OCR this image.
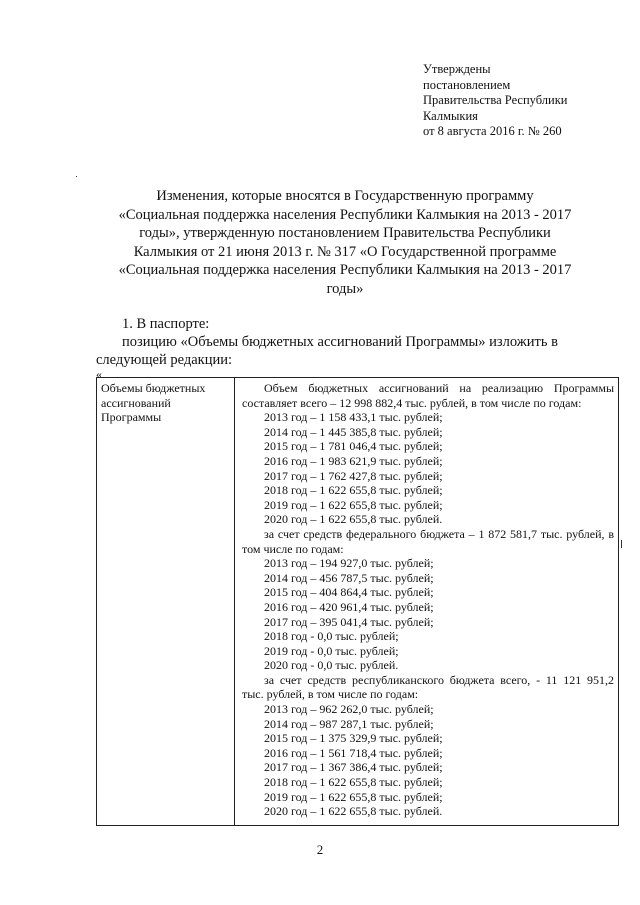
Утверждены
постановлением
Правительства Республики
Калмыкия
от 8 августа 2016 г. № 260
Изменения, которые вносятся в Государственную программу
«Социальная поддержка населения Республики Калмыкия на 2013 - 2017
годы», утвержденную постановлением Правительства Республики
Калмыкия от 21 июня 2013 г. № 317 «О Государственной программе
«Социальная поддержка населения Республики Калмыкия на 2013 - 2017
годы»
1. В паспорте:
позицию «Объемы бюджетных ассигнований Программы» изложить в
следующей редакции:
«
Объемы бюджетных ассигнований Программы
Объем бюджетных ассигнований на реализацию Программы
составляет всего – 12 998 882,4 тыс. рублей, в том числе по годам:
2013 год – 1 158 433,1 тыс. рублей;
2014 год – 1 445 385,8 тыс. рублей;
2015 год – 1 781 046,4 тыс. рублей;
2016 год – 1 983 621,9 тыс. рублей;
2017 год – 1 762 427,8 тыс. рублей;
2018 год – 1 622 655,8 тыс. рублей;
2019 год – 1 622 655,8 тыс. рублей;
2020 год – 1 622 655,8 тыс. рублей.
за счет средств федерального бюджета – 1 872 581,7 тыс. рублей, в
том числе по годам:
2013 год – 194 927,0 тыс. рублей;
2014 год – 456 787,5 тыс. рублей;
2015 год – 404 864,4 тыс. рублей;
2016 год – 420 961,4 тыс. рублей;
2017 год – 395 041,4 тыс. рублей;
2018 год - 0,0 тыс. рублей;
2019 год - 0,0 тыс. рублей;
2020 год - 0,0 тыс. рублей.
за счет средств республиканского бюджета всего, - 11 121 951,2
тыс. рублей, в том числе по годам:
2013 год – 962 262,0 тыс. рублей;
2014 год – 987 287,1 тыс. рублей;
2015 год – 1 375 329,9 тыс. рублей;
2016 год – 1 561 718,4 тыс. рублей;
2017 год – 1 367 386,4 тыс. рублей;
2018 год – 1 622 655,8 тыс. рублей;
2019 год – 1 622 655,8 тыс. рублей;
2020 год – 1 622 655,8 тыс. рублей.
2
